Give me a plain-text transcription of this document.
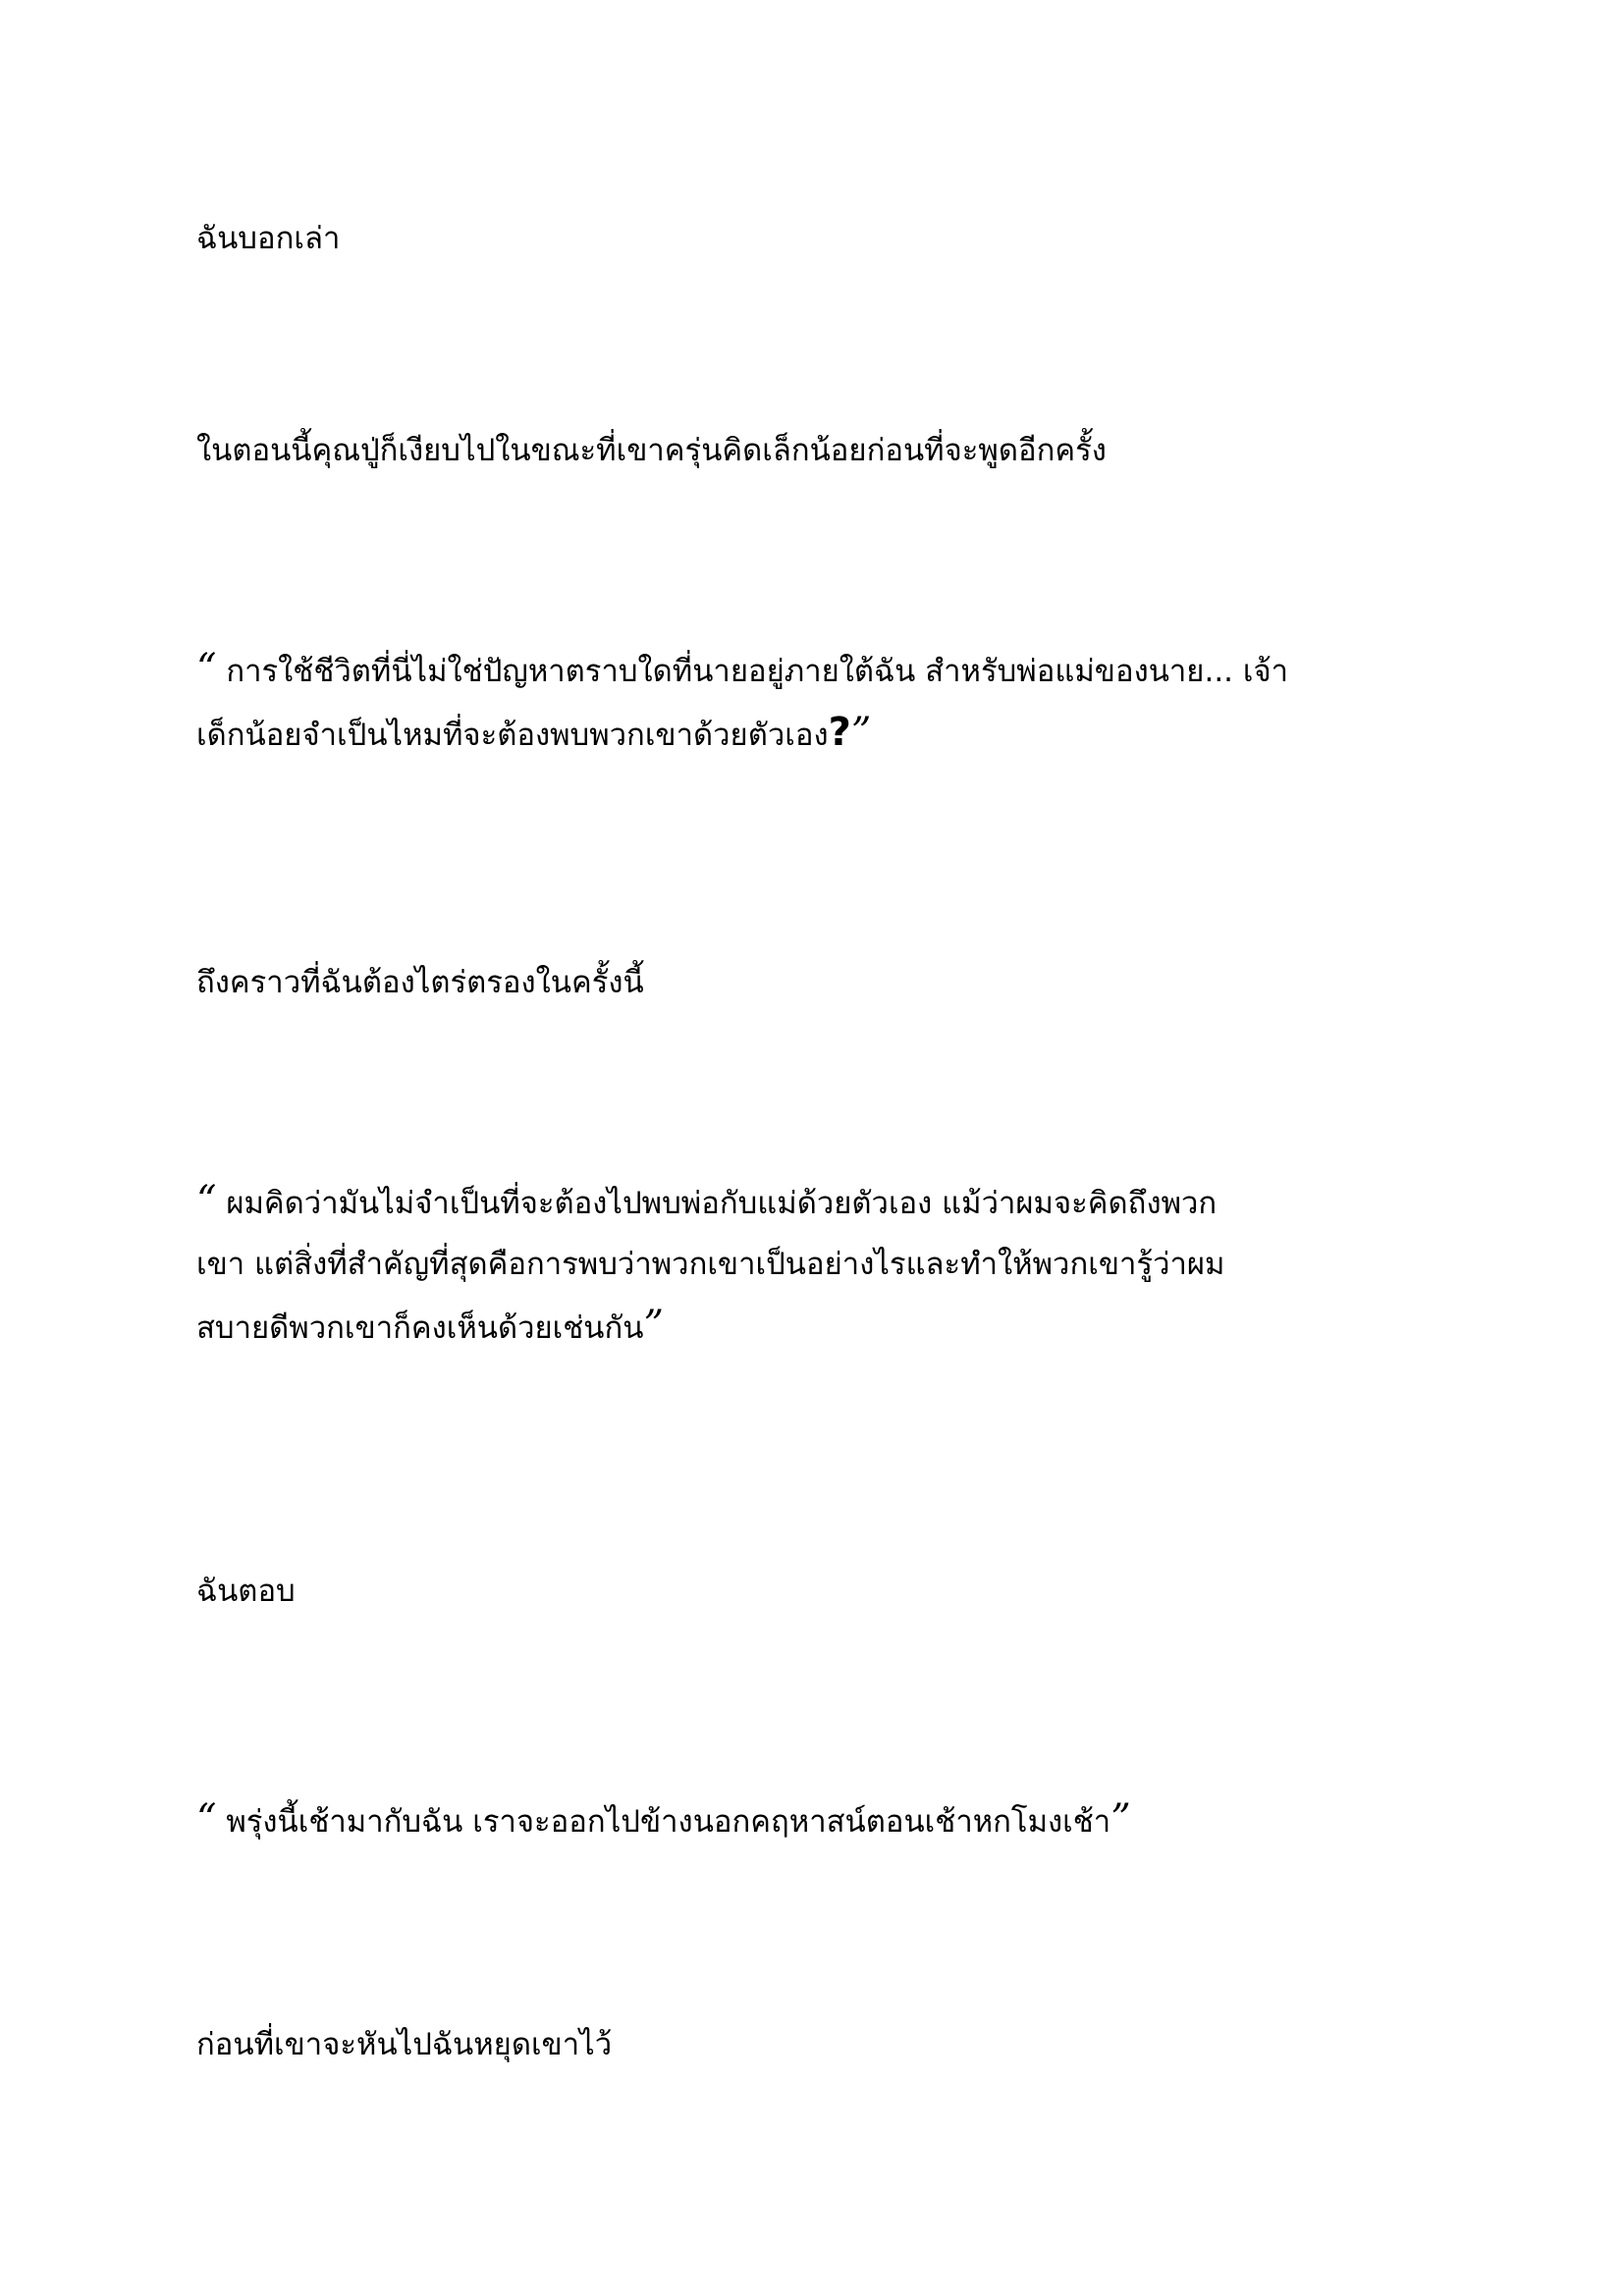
ฉันบอกเล่า

ในตอนนี้คุณปู่ก็เงียบไปในขณะที่เขาครุ่นคิดเล็กน้อยก่อนที่จะพูดอีกครั้ง

“ การใช้ชีวิตที่นี่ไม่ใช่ปัญหาตราบใดที่นายอยู่ภายใต้ฉัน สำหรับพ่อแม่ของนาย... เจ้า
เด็กน้อยจำเป็นไหมที่จะต้องพบพวกเขาด้วยตัวเอง?”

ถึงคราวที่ฉันต้องไตร่ตรองในครั้งนี้

“ ผมคิดว่ามันไม่จำเป็นที่จะต้องไปพบพ่อกับแม่ด้วยตัวเอง แม้ว่าผมจะคิดถึงพวก
เขา แต่สิ่งที่สำคัญที่สุดคือการพบว่าพวกเขาเป็นอย่างไรและทำให้พวกเขารู้ว่าผม
สบายดีพวกเขาก็คงเห็นด้วยเช่นกัน”

ฉันตอบ

“ พรุ่งนี้เช้ามากับฉัน เราจะออกไปข้างนอกคฤหาสน์ตอนเช้าหกโมงเช้า”

ก่อนที่เขาจะหันไปฉันหยุดเขาไว้
